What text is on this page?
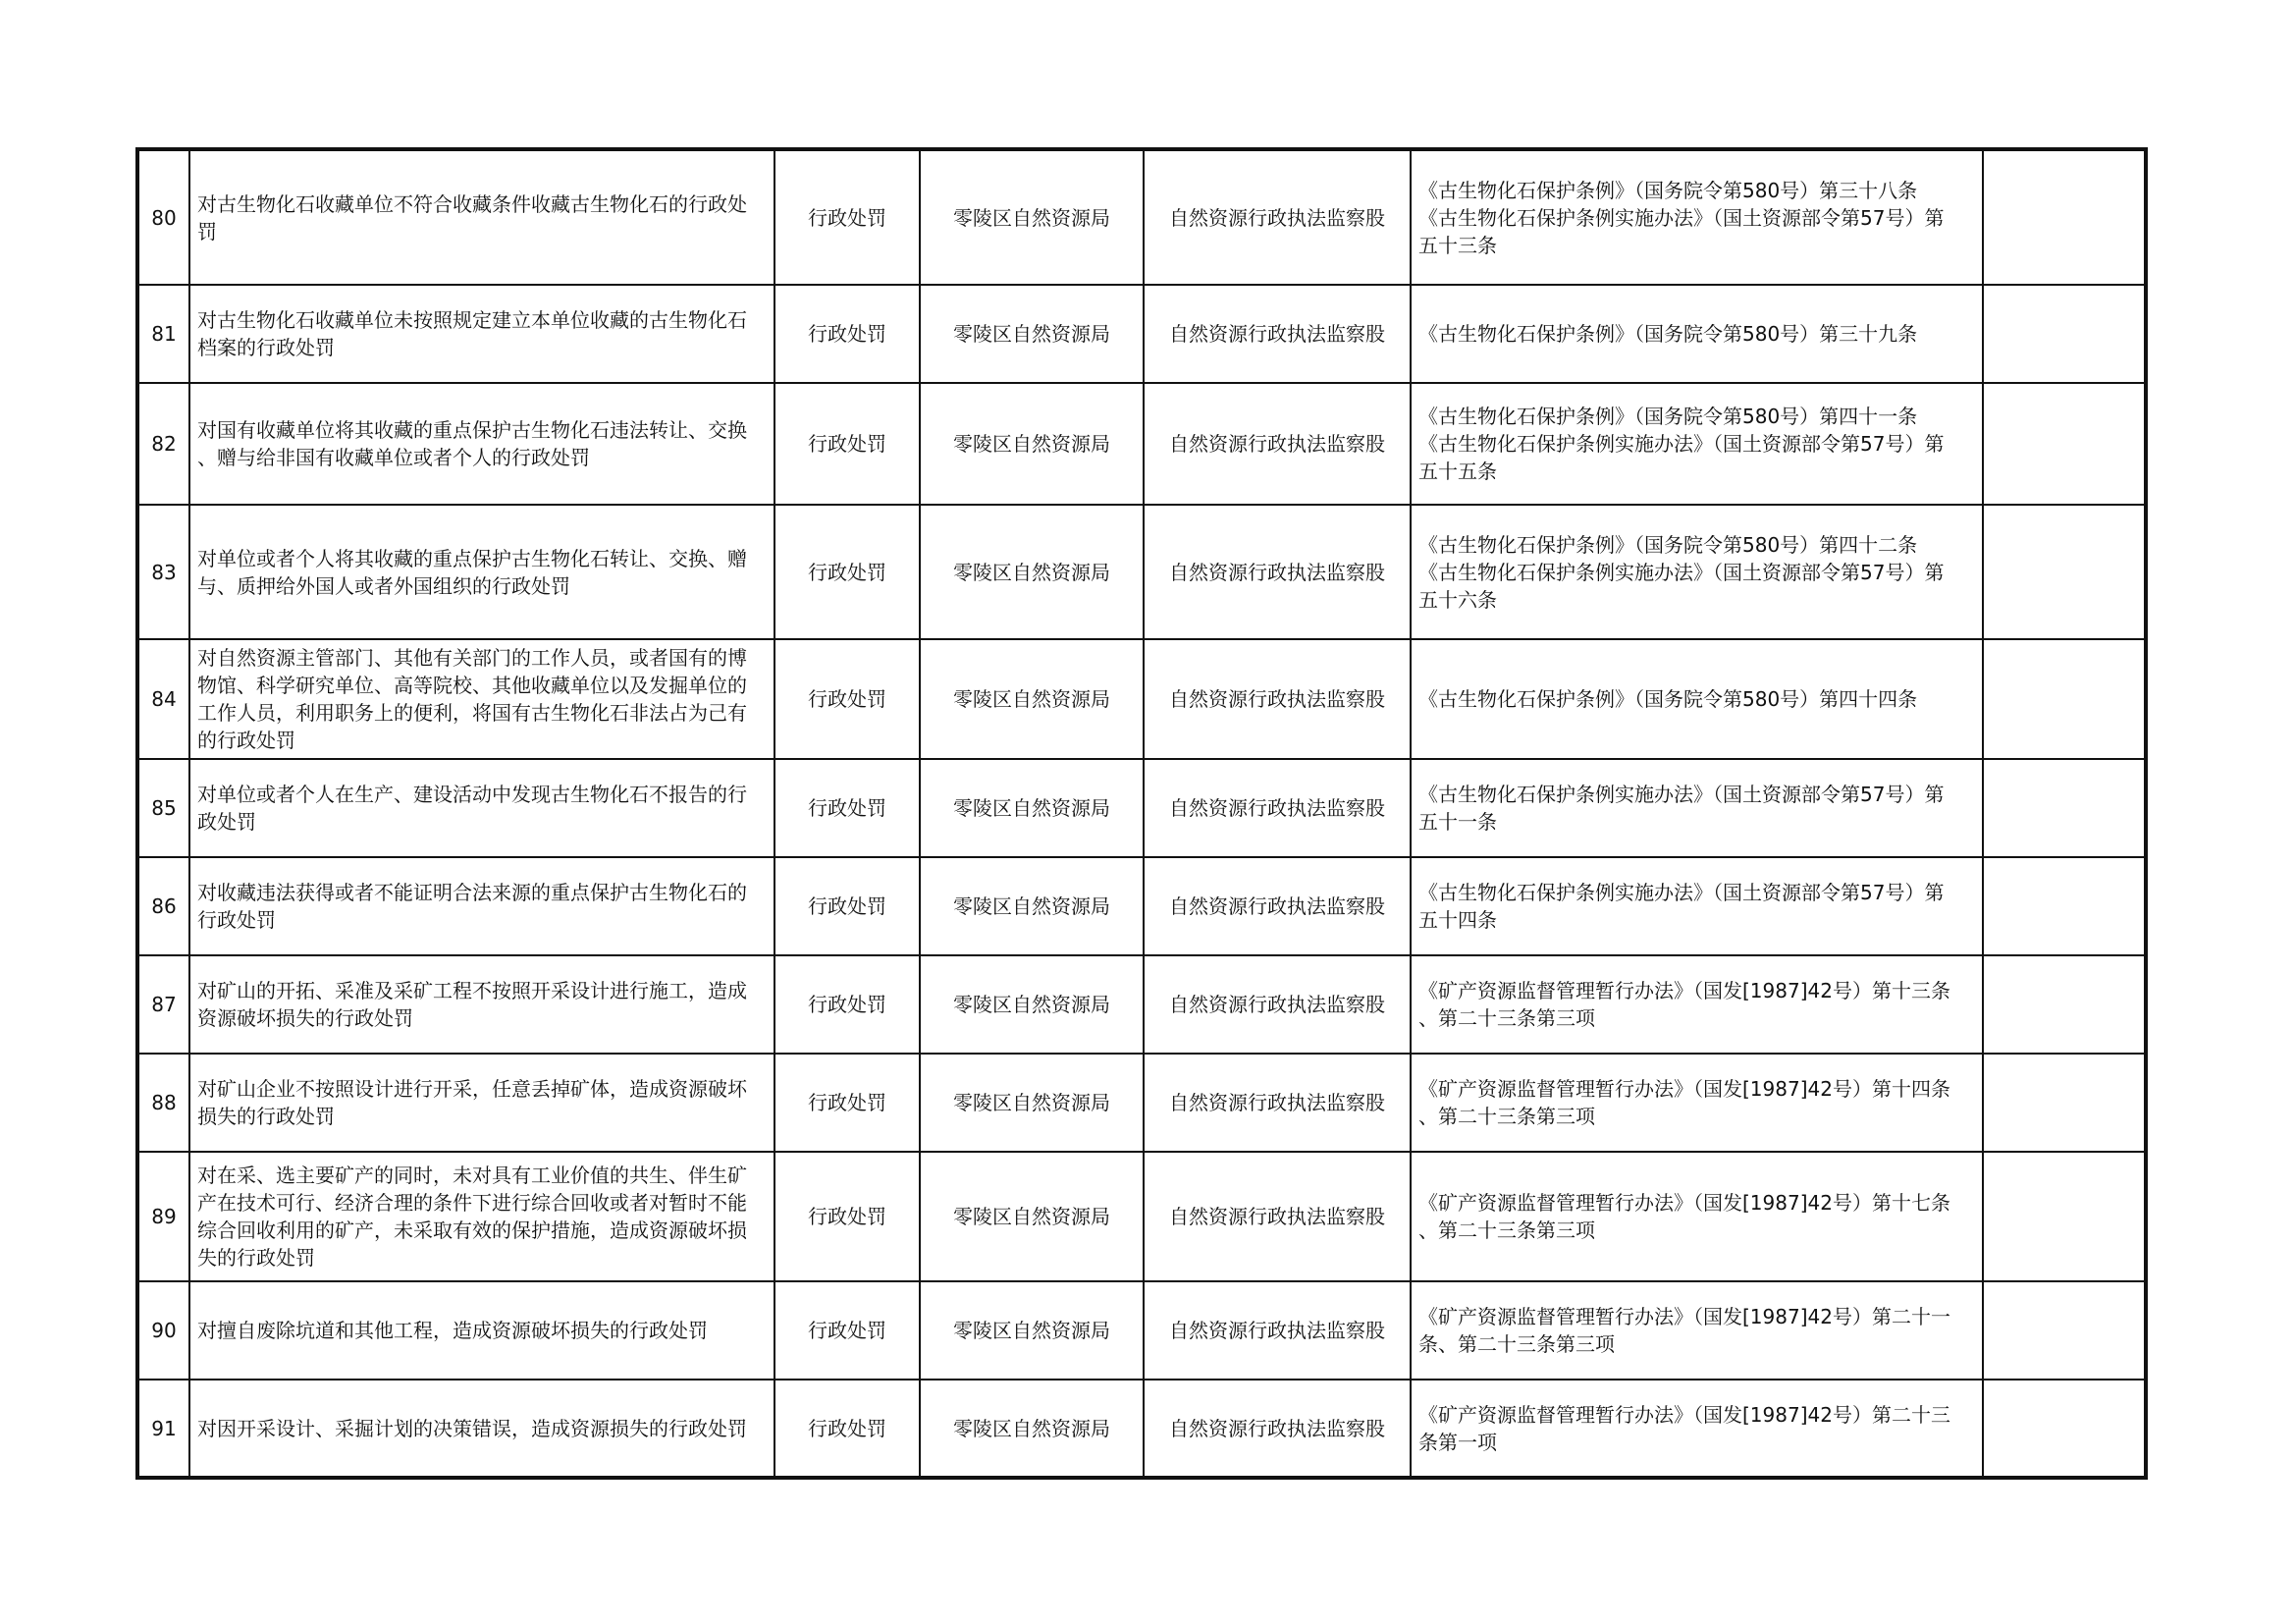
80	对古生物化石收藏单位不符合收藏条件收藏古生物化石的行政处
罚	行政处罚	零陵区自然资源局	自然资源行政执法监察股	《古生物化石保护条例》（国务院令第580号）第三十八条
《古生物化石保护条例实施办法》（国土资源部令第57号）第
五十三条	

81	对古生物化石收藏单位未按照规定建立本单位收藏的古生物化石
档案的行政处罚	行政处罚	零陵区自然资源局	自然资源行政执法监察股	《古生物化石保护条例》（国务院令第580号）第三十九条	

82	对国有收藏单位将其收藏的重点保护古生物化石违法转让、交换
、赠与给非国有收藏单位或者个人的行政处罚	行政处罚	零陵区自然资源局	自然资源行政执法监察股	《古生物化石保护条例》（国务院令第580号）第四十一条
《古生物化石保护条例实施办法》（国土资源部令第57号）第
五十五条	

83	对单位或者个人将其收藏的重点保护古生物化石转让、交换、赠
与、质押给外国人或者外国组织的行政处罚	行政处罚	零陵区自然资源局	自然资源行政执法监察股	《古生物化石保护条例》（国务院令第580号）第四十二条
《古生物化石保护条例实施办法》（国土资源部令第57号）第
五十六条	

84	对自然资源主管部门、其他有关部门的工作人员，或者国有的博
物馆、科学研究单位、高等院校、其他收藏单位以及发掘单位的
工作人员，利用职务上的便利，将国有古生物化石非法占为己有
的行政处罚	行政处罚	零陵区自然资源局	自然资源行政执法监察股	《古生物化石保护条例》（国务院令第580号）第四十四条	

85	对单位或者个人在生产、建设活动中发现古生物化石不报告的行
政处罚	行政处罚	零陵区自然资源局	自然资源行政执法监察股	《古生物化石保护条例实施办法》（国土资源部令第57号）第
五十一条	

86	对收藏违法获得或者不能证明合法来源的重点保护古生物化石的
行政处罚	行政处罚	零陵区自然资源局	自然资源行政执法监察股	《古生物化石保护条例实施办法》（国土资源部令第57号）第
五十四条	

87	对矿山的开拓、采准及采矿工程不按照开采设计进行施工，造成
资源破坏损失的行政处罚	行政处罚	零陵区自然资源局	自然资源行政执法监察股	《矿产资源监督管理暂行办法》（国发[1987]42号）第十三条
、第二十三条第三项	

88	对矿山企业不按照设计进行开采，任意丢掉矿体，造成资源破坏
损失的行政处罚	行政处罚	零陵区自然资源局	自然资源行政执法监察股	《矿产资源监督管理暂行办法》（国发[1987]42号）第十四条
、第二十三条第三项	

89	对在采、选主要矿产的同时，未对具有工业价值的共生、伴生矿
产在技术可行、经济合理的条件下进行综合回收或者对暂时不能
综合回收利用的矿产，未采取有效的保护措施，造成资源破坏损
失的行政处罚	行政处罚	零陵区自然资源局	自然资源行政执法监察股	《矿产资源监督管理暂行办法》（国发[1987]42号）第十七条
、第二十三条第三项	

90	对擅自废除坑道和其他工程，造成资源破坏损失的行政处罚	行政处罚	零陵区自然资源局	自然资源行政执法监察股	《矿产资源监督管理暂行办法》（国发[1987]42号）第二十一
条、第二十三条第三项	

91	对因开采设计、采掘计划的决策错误，造成资源损失的行政处罚	行政处罚	零陵区自然资源局	自然资源行政执法监察股	《矿产资源监督管理暂行办法》（国发[1987]42号）第二十三
条第一项	
